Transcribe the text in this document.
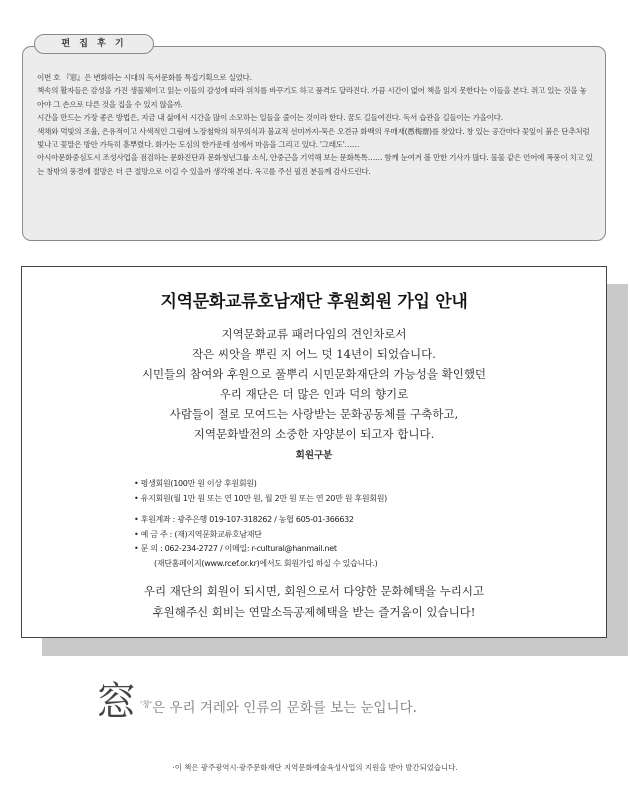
편 집 후 기

이번 호 『窓』은 변화하는 시대의 독서문화를 특집기획으로 실었다.

책속의 활자들은 감성을 가진 생물체이고 읽는 이들의 감성에 따라 위치를 바꾸기도 하고 품격도 달라진다. 가끔 시간이 없어 책을 읽지 못한다는 이들을 본다. 쥐고 있는 것을 놓아야 그 손으로 다른 것을 집을 수 있지 않을까.

시간을 만드는 가장 좋은 방법은, 지금 내 삶에서 시간을 많이 소모하는 일들을 줄이는 것이라 한다. 꿈도 길들여진다. 독서 습관을 길들이는 가을이다.

색채와 먹빛의 조율, 은유적이고 사색적인 그림에 노장철학의 허무의식과 불교적 선미까지-묵은 오견규 화백의 우매재(愚梅齋)를 찾았다. 창 있는 공간마다 꽃잎이 붉은 단추처럼 빛나고 꽃말은 방안 가득히 흩뿌렸다. 화가는 도심의 한가운데 섬에서 마음을 그리고 있다. '그래도'……

아시아문화중심도시 조성사업을 점검하는 문화진단과 문화청년그룹 소식, 안중근을 기억해 보는 문화톡톡…… 함께 눈여겨 볼 만한 기사가 많다. 물물 같은 언어에 폭풍이 치고 있는 창밖의 풍경에 절망은 더 큰 절망으로 이길 수 있을까 생각해 본다. 옥고를 주신 필진 분들께 감사드린다.

지역문화교류호남재단 후원회원 가입 안내
지역문화교류 패러다임의 견인차로서
작은 씨앗을 뿌린 지 어느 덧 14년이 되었습니다.
시민들의 참여와 후원으로 풀뿌리 시민문화재단의 가능성을 확인했던
우리 재단은 더 많은 인과 덕의 향기로
사람들이 절로 모여드는 사랑받는 문화공동체를 구축하고,
지역문화발전의 소중한 자양분이 되고자 합니다.
회원구분
• 평생회원(100만 원 이상 후원회원)
• 유지회원(월 1만 원 또는 연 10만 원, 월 2만 원 또는 연 20만 원 후원회원)
• 후원계좌 : 광주은행 019-107-318262 / 농협 605-01-366632
• 예 금 주 : (재)지역문화교류호남재단
• 문 의 : 062-234-2727 / 이메일: r-cultural@hanmail.net
(재단홈페이지(www.rcef.or.kr)에서도 회원가입 하실 수 있습니다.)
우리 재단의 회원이 되시면, 회원으로서 다양한 문화혜택을 누리시고
후원해주신 회비는 연말소득공제혜택을 받는 즐거움이 있습니다!
窓 $^{'창'}$은 우리 겨레와 인류의 문화를 보는 눈입니다.
·이 책은 광주광역시·광주문화재단 지역문화예술육성사업의 지원을 받아 발간되었습니다.
